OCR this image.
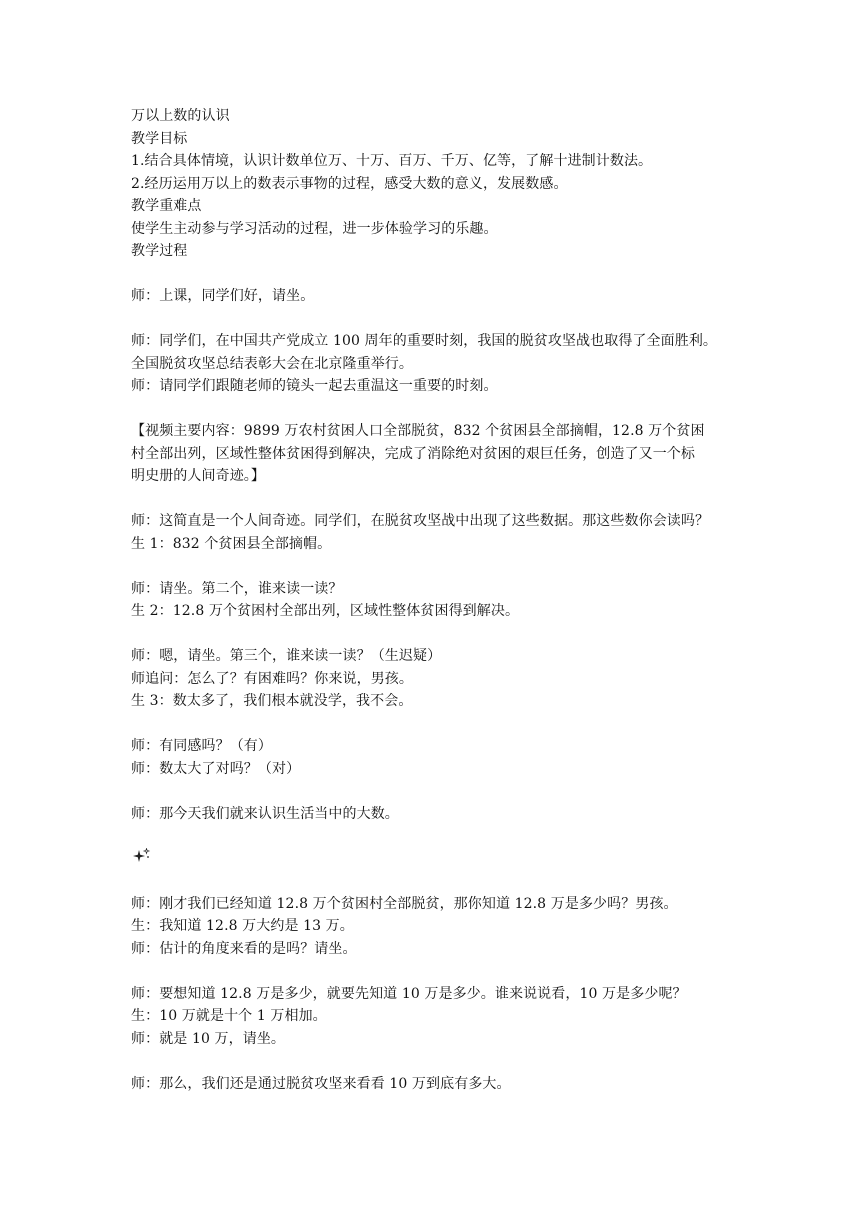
万以上数的认识
教学目标
1.结合具体情境，认识计数单位万、十万、百万、千万、亿等，了解十进制计数法。
2.经历运用万以上的数表示事物的过程，感受大数的意义，发展数感。
教学重难点
使学生主动参与学习活动的过程，进一步体验学习的乐趣。
教学过程
师：上课，同学们好，请坐。
师：同学们，在中国共产党成立 100 周年的重要时刻，我国的脱贫攻坚战也取得了全面胜利。
全国脱贫攻坚总结表彰大会在北京隆重举行。
师：请同学们跟随老师的镜头一起去重温这一重要的时刻。
【视频主要内容：9899 万农村贫困人口全部脱贫，832 个贫困县全部摘帽，12.8 万个贫困
村全部出列，区域性整体贫困得到解决，完成了消除绝对贫困的艰巨任务，创造了又一个标
明史册的人间奇迹。】
师：这简直是一个人间奇迹。同学们，在脱贫攻坚战中出现了这些数据。那这些数你会读吗？
生 1：832 个贫困县全部摘帽。
师：请坐。第二个，谁来读一读？
生 2：12.8 万个贫困村全部出列，区域性整体贫困得到解决。
师：嗯，请坐。第三个，谁来读一读？（生迟疑）
师追问：怎么了？有困难吗？你来说，男孩。
生 3：数太多了，我们根本就没学，我不会。
师：有同感吗？（有）
师：数太大了对吗？（对）
师：那今天我们就来认识生活当中的大数。
师：刚才我们已经知道 12.8 万个贫困村全部脱贫，那你知道 12.8 万是多少吗？男孩。
生：我知道 12.8 万大约是 13 万。
师：估计的角度来看的是吗？请坐。
师：要想知道 12.8 万是多少，就要先知道 10 万是多少。谁来说说看，10 万是多少呢？
生：10 万就是十个 1 万相加。
师：就是 10 万，请坐。
师：那么，我们还是通过脱贫攻坚来看看 10 万到底有多大。
